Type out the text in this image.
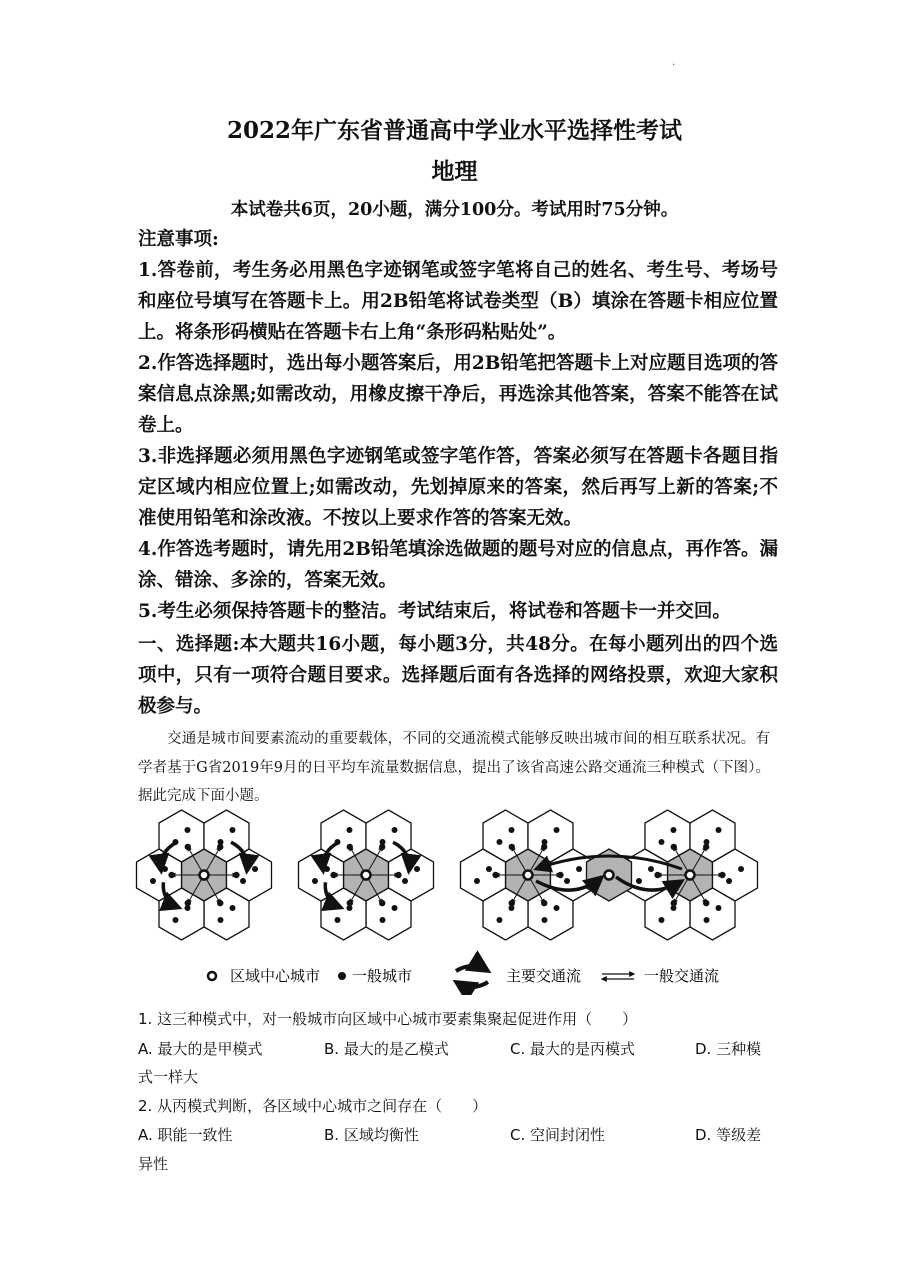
·
2022年广东省普通高中学业水平选择性考试
地理
本试卷共6页，20小题，满分100分。考试用时75分钟。
注意事项:
1.答卷前，考生务必用黑色字迹钢笔或签字笔将自己的姓名、考生号、考场号和座位号填写在答题卡上。用2B铅笔将试卷类型（B）填涂在答题卡相应位置上。将条形码横贴在答题卡右上角“条形码粘贴处”。
2.作答选择题时，选出每小题答案后，用2B铅笔把答题卡上对应题目选项的答案信息点涂黑;如需改动，用橡皮擦干净后，再选涂其他答案，答案不能答在试卷上。
3.非选择题必须用黑色字迹钢笔或签字笔作答，答案必须写在答题卡各题目指定区域内相应位置上;如需改动，先划掉原来的答案，然后再写上新的答案;不准使用铅笔和涂改液。不按以上要求作答的答案无效。
4.作答选考题时，请先用2B铅笔填涂选做题的题号对应的信息点，再作答。漏涂、错涂、多涂的，答案无效。
5.考生必须保持答题卡的整洁。考试结束后，将试卷和答题卡一并交回。
一、选择题:本大题共16小题，每小题3分，共48分。在每小题列出的四个选项中，只有一项符合题目要求。选择题后面有各选择的网络投票，欢迎大家积极参与。
交通是城市间要素流动的重要载体，不同的交通流模式能够反映出城市间的相互联系状况。有学者基于G省2019年9月的日平均车流量数据信息，提出了该省高速公路交通流三种模式（下图）。据此完成下面小题。
区域中心城市 一般城市	主要交通流	一般交通流
1. 这三种模式中，对一般城市向区域中心城市要素集聚起促进作用（　　）
A. 最大的是甲模式	B. 最大的是乙模式	C. 最大的是丙模式	D. 三种模
式一样大
2. 从丙模式判断，各区域中心城市之间存在（　　）
A. 职能一致性	B. 区域均衡性	C. 空间封闭性	D. 等级差
异性
